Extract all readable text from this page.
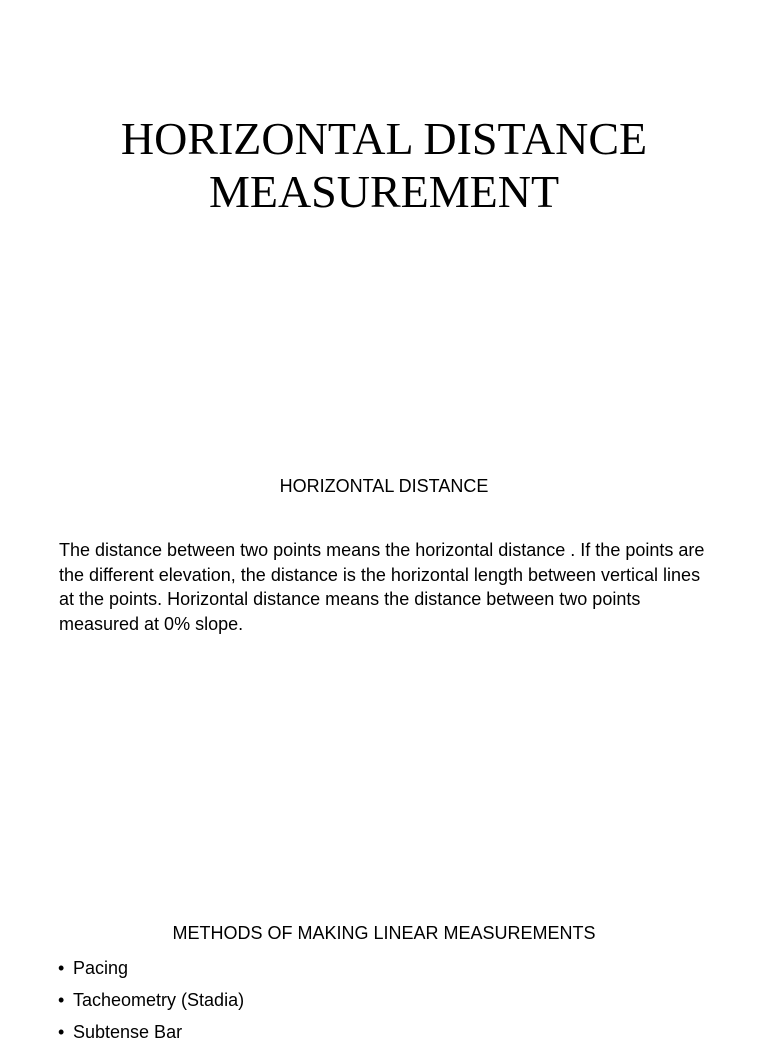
HORIZONTAL DISTANCE
MEASUREMENT
HORIZONTAL DISTANCE

The distance between two points means the horizontal distance . If the points are the different elevation, the distance is the horizontal length between vertical lines at the points. Horizontal distance means the distance between two points measured at 0% slope.

METHODS OF MAKING LINEAR MEASUREMENTS
• Pacing
• Tacheometry (Stadia)
• Subtense Bar
